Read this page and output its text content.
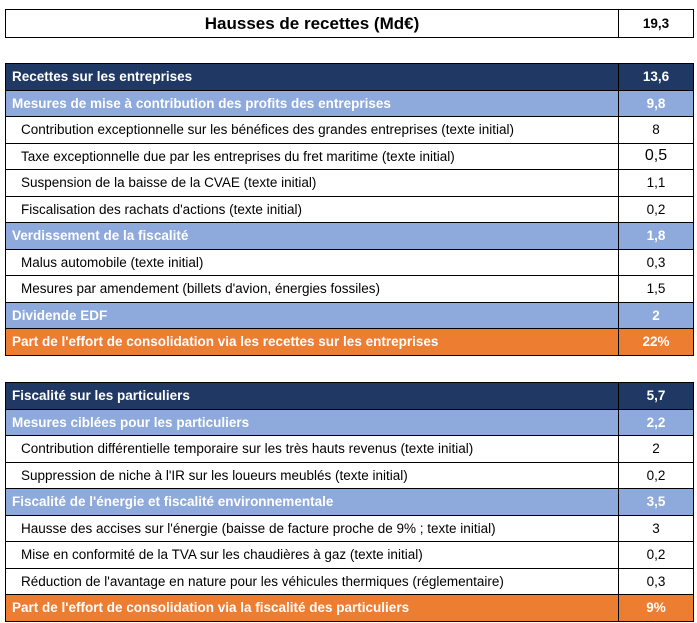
Hausses de recettes (Md€)	19,3
Recettes sur les entreprises	13,6
Mesures de mise à contribution des profits des entreprises	9,8
Contribution exceptionnelle sur les bénéfices des grandes entreprises (texte initial)	8
Taxe exceptionnelle due par les entreprises du fret maritime (texte initial)	0,5
Suspension de la baisse de la CVAE (texte initial)	1,1
Fiscalisation des rachats d'actions (texte initial)	0,2
Verdissement de la fiscalité	1,8
Malus automobile (texte initial)	0,3
Mesures par amendement (billets d'avion, énergies fossiles)	1,5
Dividende EDF	2
Part de l'effort de consolidation via les recettes sur les entreprises	22%
Fiscalité sur les particuliers	5,7
Mesures ciblées pour les particuliers	2,2
Contribution différentielle temporaire sur les très hauts revenus (texte initial)	2
Suppression de niche à l'IR sur les loueurs meublés (texte initial)	0,2
Fiscalité de l'énergie et fiscalité environnementale	3,5
Hausse des accises sur l'énergie (baisse de facture proche de 9% ; texte initial)	3
Mise en conformité de la TVA sur les chaudières à gaz (texte initial)	0,2
Réduction de l'avantage en nature pour les véhicules thermiques (réglementaire)	0,3
Part de l'effort de consolidation via la fiscalité des particuliers	9%
